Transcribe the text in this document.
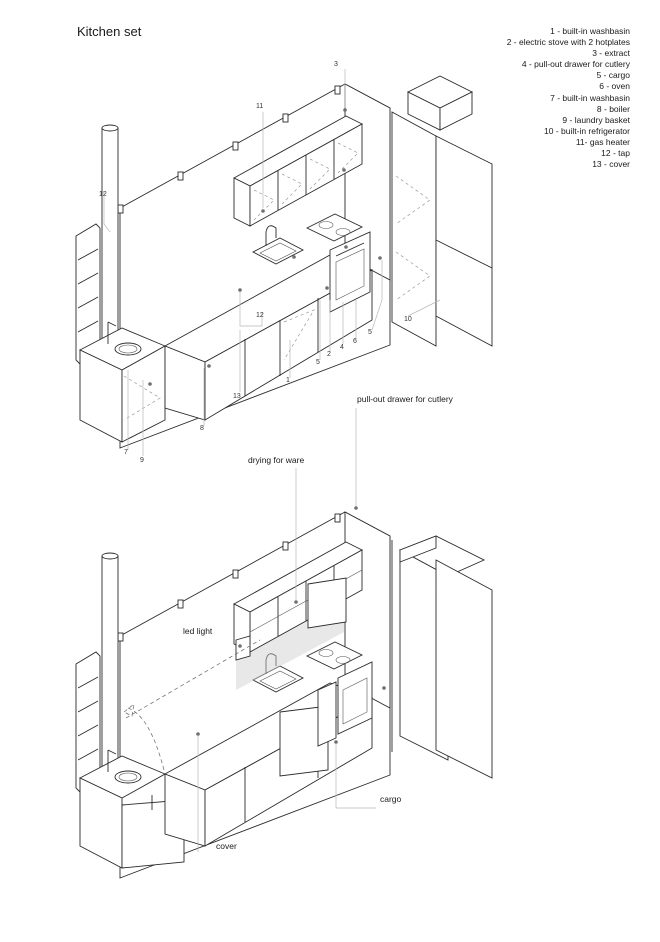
Kitchen set	1 - built-in washbasin
2 - electric stove with 2 hotplates
3 - extract
4 - pull-out drawer for cutlery
5 - cargo
6 - oven
7 - built-in washbasin
8 - boiler
9 - laundry basket
10 - built-in refrigerator
11- gas heater
12 - tap
13 - cover
3
11
12
12
13
1
5
2
4
6
5
10
8
7
9
pull-out drawer for cutlery
drying for ware
led light
cargo
cover
